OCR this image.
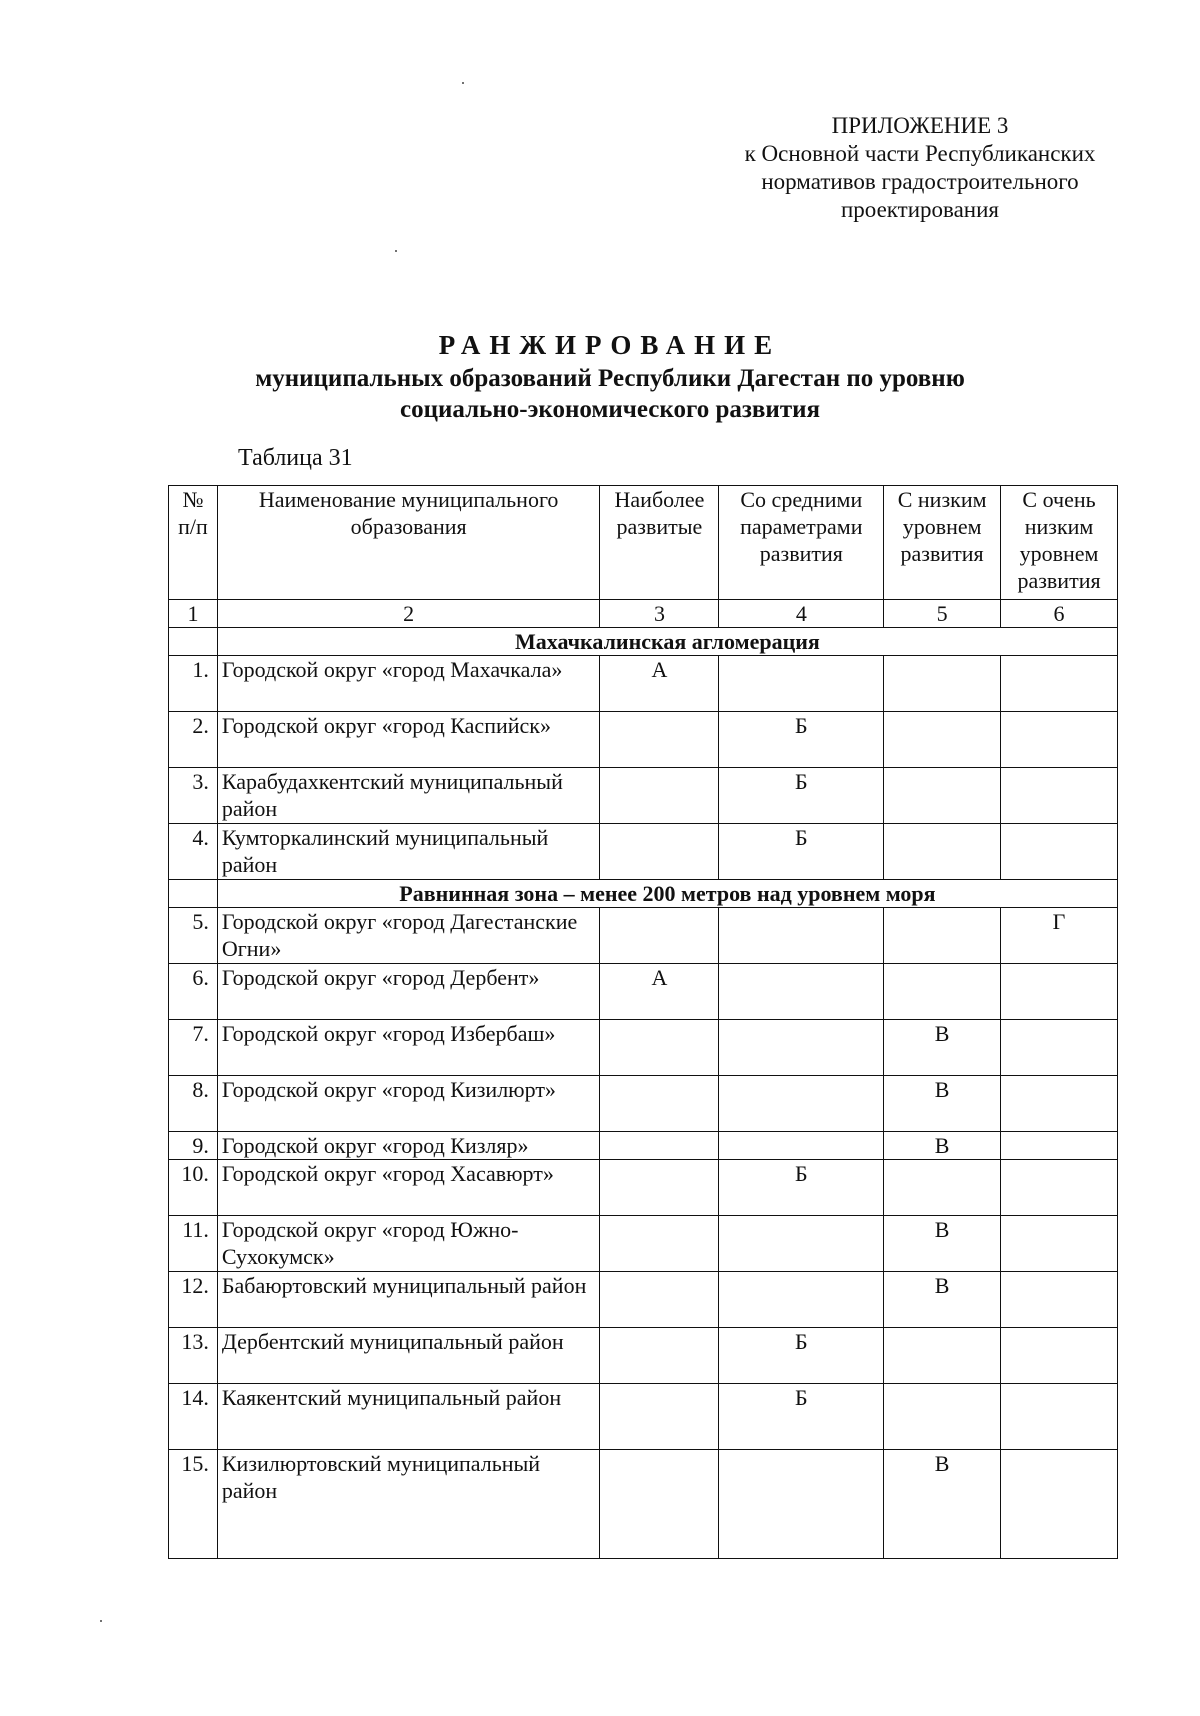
ПРИЛОЖЕНИЕ 3
к Основной части Республиканских
нормативов градостроительного
проектирования
РАНЖИРОВАНИЕ
муниципальных образований Республики Дагестан по уровню
социально-экономического развития
Таблица 31
№ п/п	Наименование муниципального образования	Наиболее развитые	Со средними параметрами развития	С низким уровнем развития	С очень низким уровнем развития
1	2	3	4	5	6
	Махачкалинская агломерация				
1.	Городской округ «город Махачкала»	А			
2.	Городской округ «город Каспийск»		Б		
3.	Карабудахкентский муниципальный район		Б		
4.	Кумторкалинский муниципальный район		Б		
	Равнинная зона – менее 200 метров над уровнем моря				
5.	Городской округ «город Дагестанские Огни»				Г
6.	Городской округ «город Дербент»	А			
7.	Городской округ «город Избербаш»			В	
8.	Городской округ «город Кизилюрт»			В	
9.	Городской округ «город Кизляр»			В	
10.	Городской округ «город Хасавюрт»		Б		
11.	Городской округ «город Южно-Сухокумск»			В	
12.	Бабаюртовский муниципальный район			В	
13.	Дербентский муниципальный район		Б		
14.	Каякентский муниципальный район		Б		
15.	Кизилюртовский муниципальный район			В	
